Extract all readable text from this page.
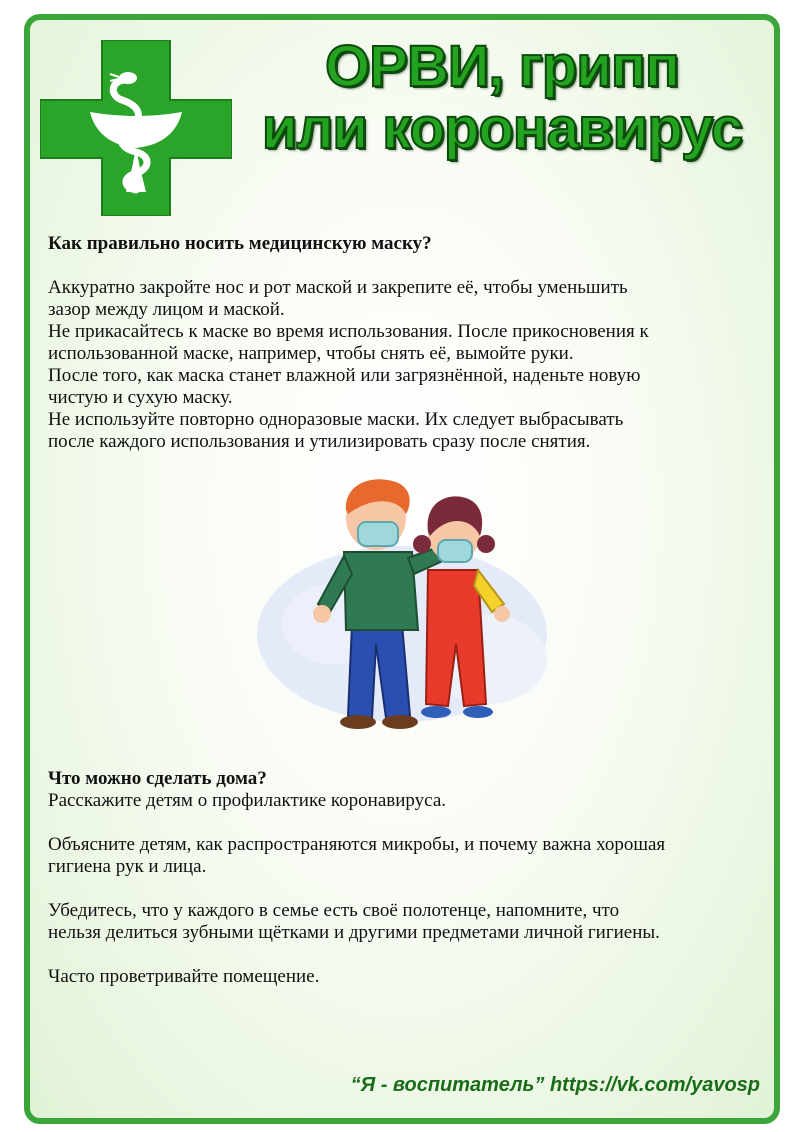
ОРВИ, грипп
или коронавирус

Как правильно носить медицинскую маску?

Аккуратно закройте нос и рот маской и закрепите её, чтобы уменьшить

зазор между лицом и маской.

Не прикасайтесь к маске во время использования. После прикосновения к

использованной маске, например, чтобы снять её, вымойте руки.

После того, как маска станет влажной или загрязнённой, наденьте новую

чистую и сухую маску.

Не используйте повторно одноразовые маски. Их следует выбрасывать

после каждого использования и утилизировать сразу после снятия.

Что можно сделать дома?

Расскажите детям о профилактике коронавируса.

Объясните детям, как распространяются микробы, и почему важна хорошая

гигиена рук и лица.

Убедитесь, что у каждого в семье есть своё полотенце, напомните, что

нельзя делиться зубными щётками и другими предметами личной гигиены.

Часто проветривайте помещение.

“Я - воспитатель” https://vk.com/yavosp
